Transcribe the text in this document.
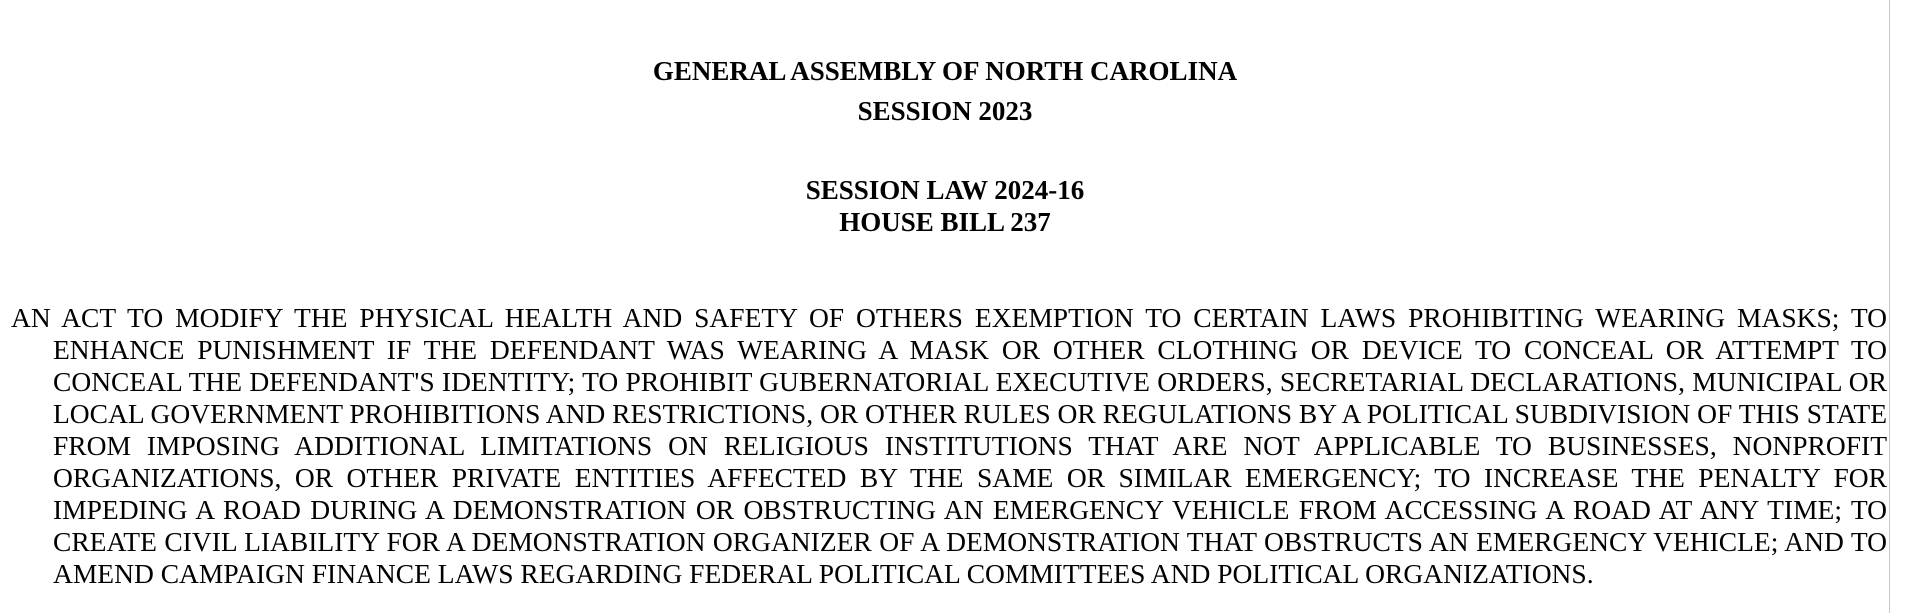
GENERAL ASSEMBLY OF NORTH CAROLINA
SESSION 2023
SESSION LAW 2024-16
HOUSE BILL 237

AN ACT TO MODIFY THE PHYSICAL HEALTH AND SAFETY OF OTHERS EXEMPTION TO CERTAIN LAWS PROHIBITING WEARING MASKS; TO ENHANCE PUNISHMENT IF THE DEFENDANT WAS WEARING A MASK OR OTHER CLOTHING OR DEVICE TO CONCEAL OR ATTEMPT TO CONCEAL THE DEFENDANT'S IDENTITY; TO PROHIBIT GUBERNATORIAL EXECUTIVE ORDERS, SECRETARIAL DECLARATIONS, MUNICIPAL OR LOCAL GOVERNMENT PROHIBITIONS AND RESTRICTIONS, OR OTHER RULES OR REGULATIONS BY A POLITICAL SUBDIVISION OF THIS STATE FROM IMPOSING ADDITIONAL LIMITATIONS ON RELIGIOUS INSTITUTIONS THAT ARE NOT APPLICABLE TO BUSINESSES, NONPROFIT ORGANIZATIONS, OR OTHER PRIVATE ENTITIES AFFECTED BY THE SAME OR SIMILAR EMERGENCY; TO INCREASE THE PENALTY FOR IMPEDING A ROAD DURING A DEMONSTRATION OR OBSTRUCTING AN EMERGENCY VEHICLE FROM ACCESSING A ROAD AT ANY TIME; TO CREATE CIVIL LIABILITY FOR A DEMONSTRATION ORGANIZER OF A DEMONSTRATION THAT OBSTRUCTS AN EMERGENCY VEHICLE; AND TO AMEND CAMPAIGN FINANCE LAWS REGARDING FEDERAL POLITICAL COMMITTEES AND POLITICAL ORGANIZATIONS.
